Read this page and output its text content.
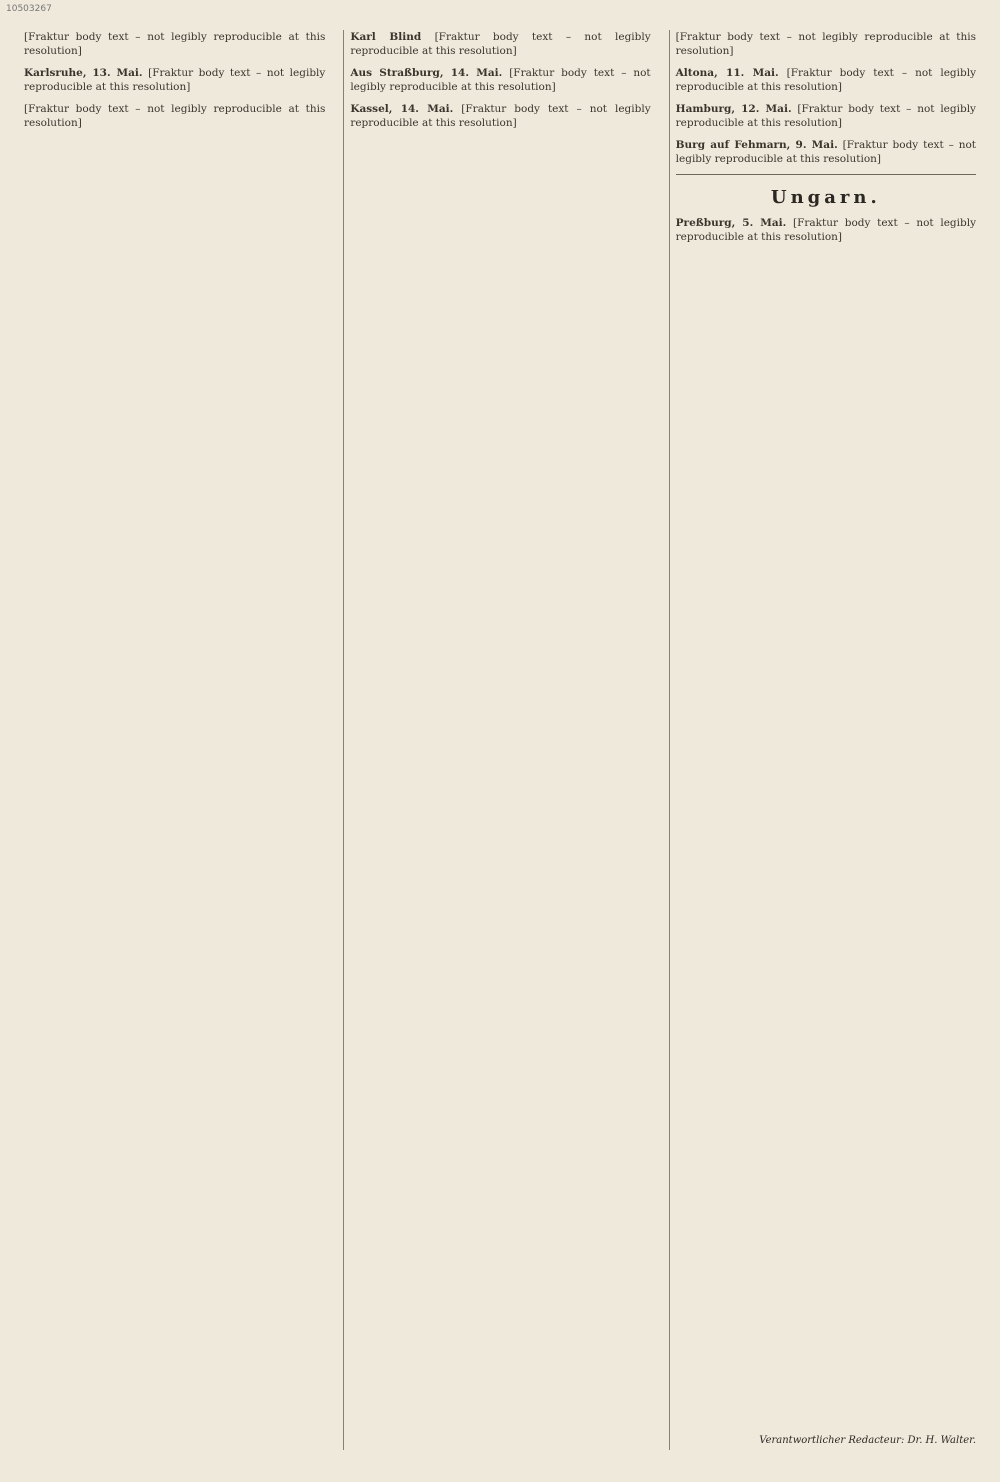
10503267

[Fraktur body text – not legibly reproducible at this resolution]

Karlsruhe, 13. Mai. [Fraktur body text – not legibly reproducible at this resolution]

[Fraktur body text – not legibly reproducible at this resolution]

Karl Blind [Fraktur body text – not legibly reproducible at this resolution]

Aus Straßburg, 14. Mai. [Fraktur body text – not legibly reproducible at this resolution]

Kassel, 14. Mai. [Fraktur body text – not legibly reproducible at this resolution]

[Fraktur body text – not legibly reproducible at this resolution]

Altona, 11. Mai. [Fraktur body text – not legibly reproducible at this resolution]

Hamburg, 12. Mai. [Fraktur body text – not legibly reproducible at this resolution]

Burg auf Fehmarn, 9. Mai. [Fraktur body text – not legibly reproducible at this resolution]

Ungarn.

Preßburg, 5. Mai. [Fraktur body text – not legibly reproducible at this resolution]

Verantwortlicher Redacteur: Dr. H. Walter.
